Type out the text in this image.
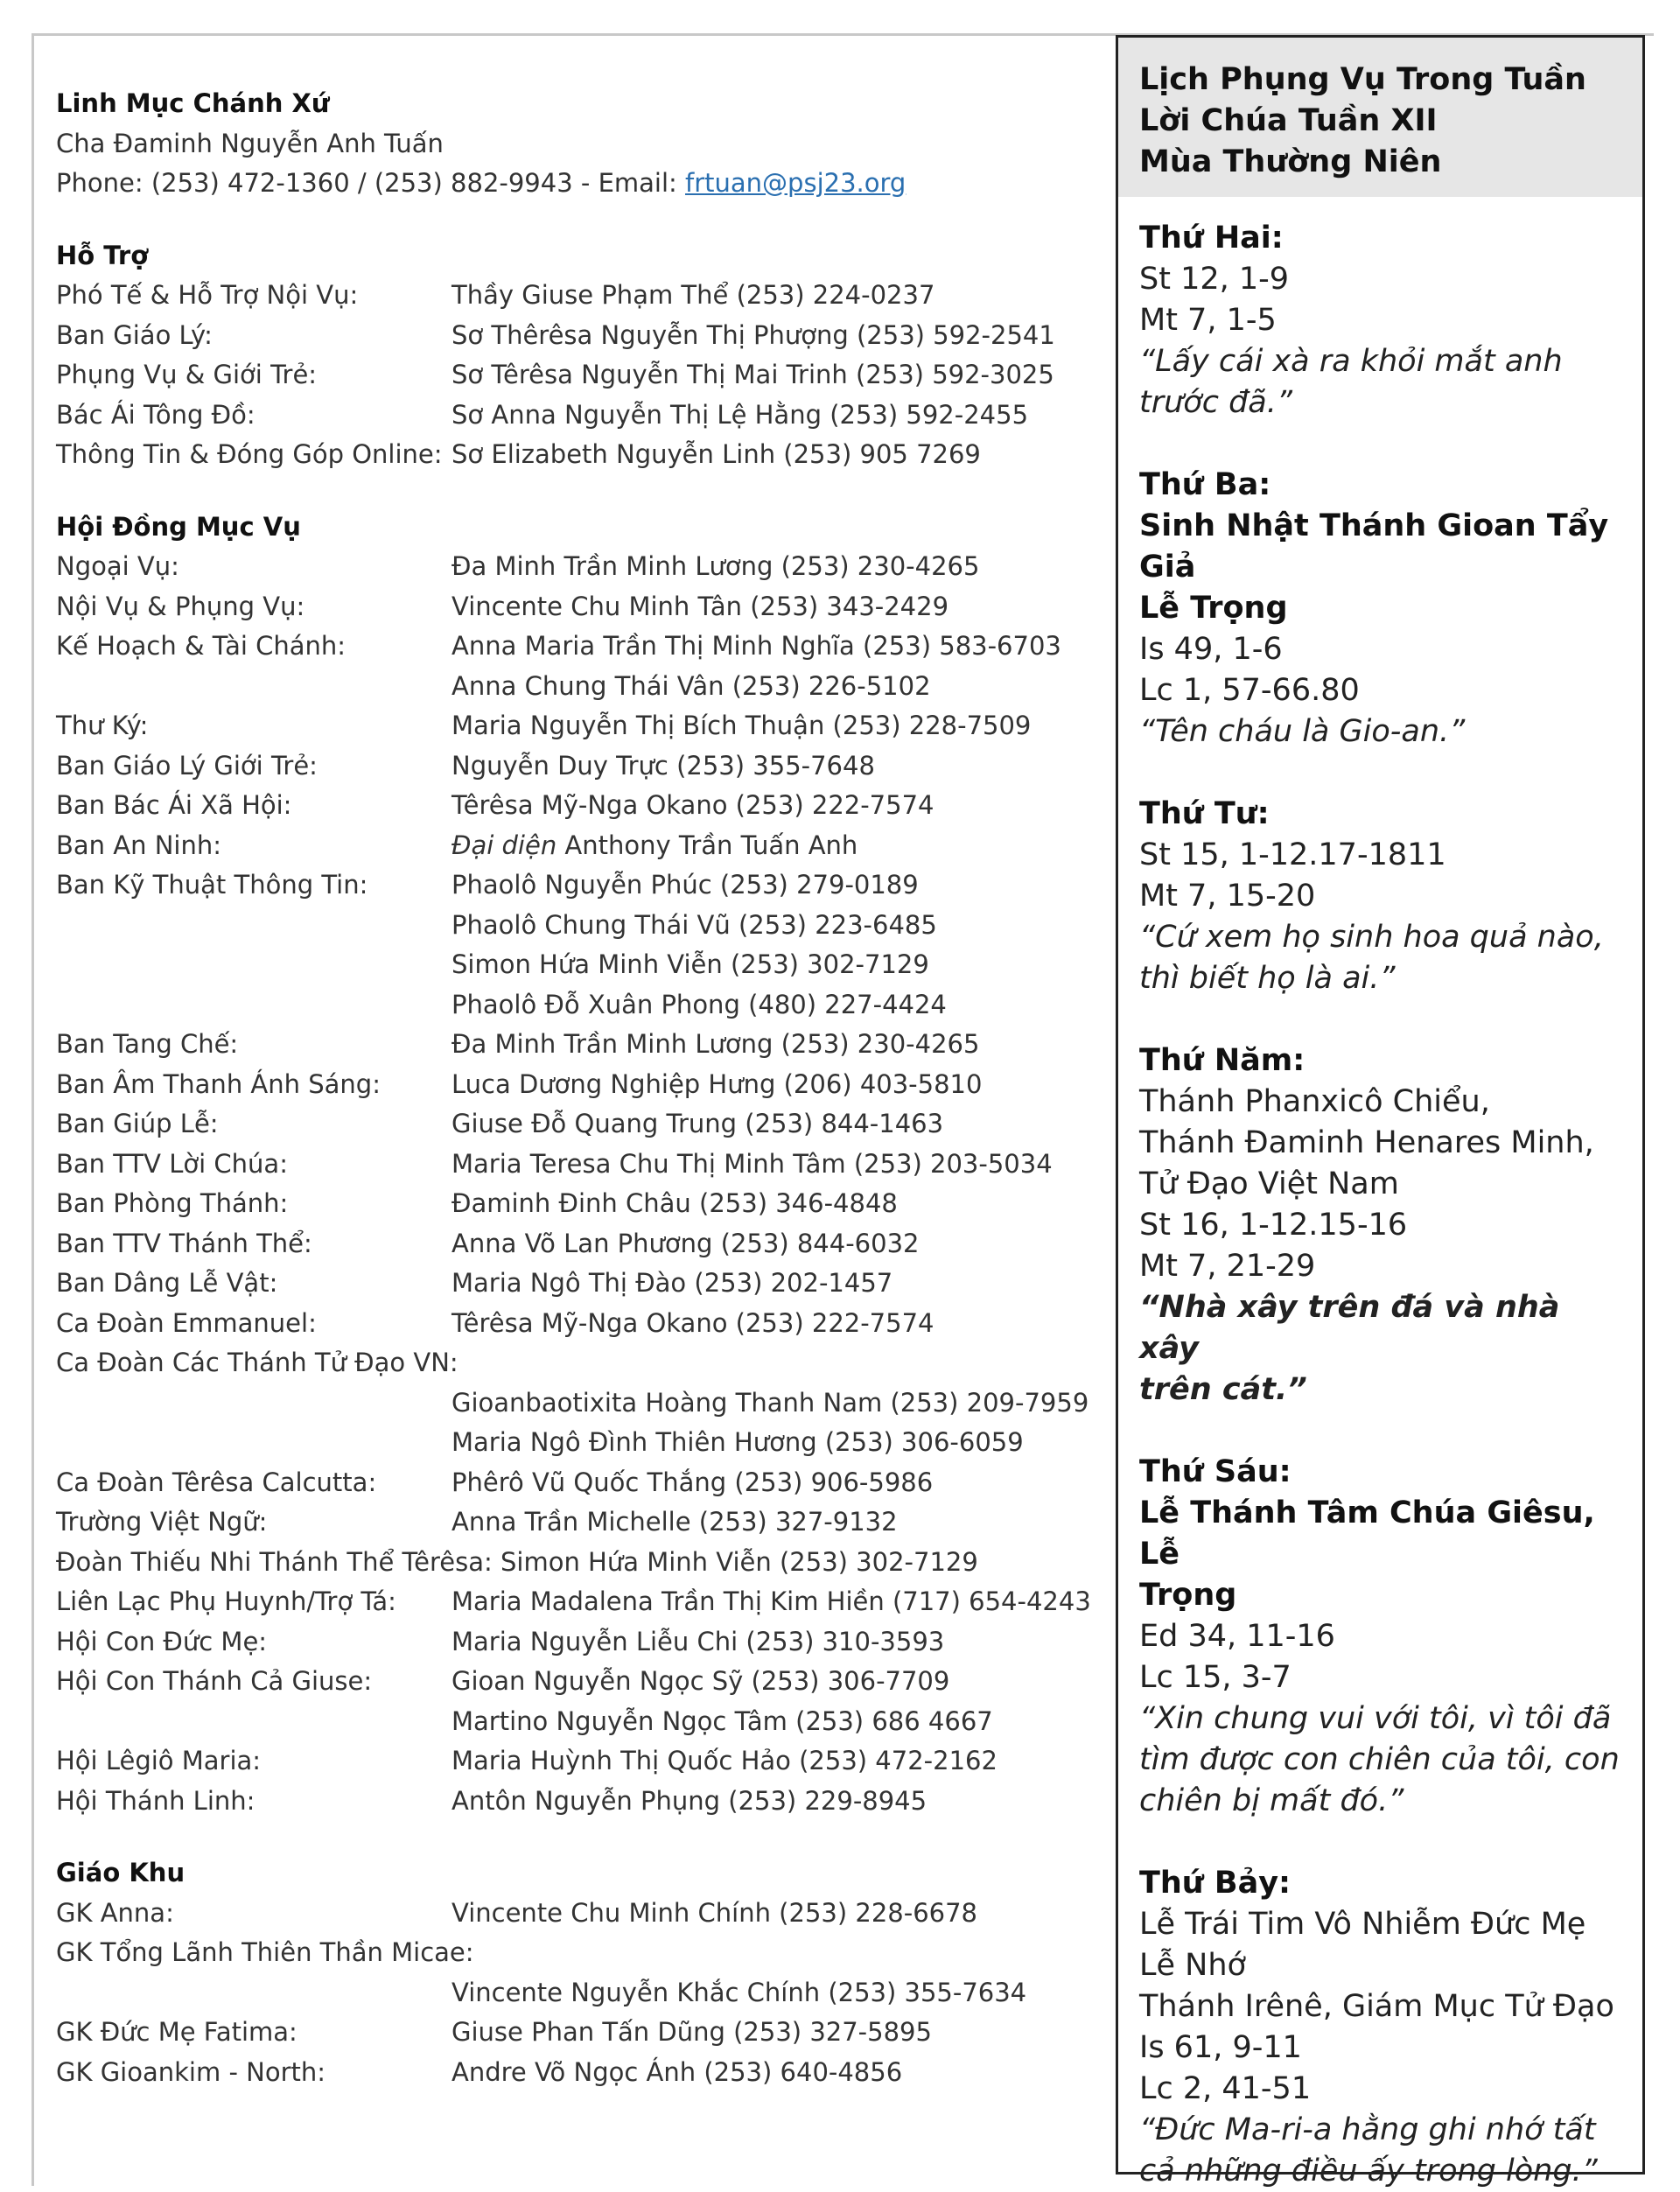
Linh Mục Chánh Xứ
Cha Đaminh Nguyễn Anh Tuấn
Phone: (253) 472-1360 / (253) 882-9943 - Email: frtuan@psj23.org
Hỗ Trợ
Phó Tế & Hỗ Trợ Nội Vụ:	Thầy Giuse Phạm Thể (253) 224-0237
Ban Giáo Lý:	Sơ Thêrêsa Nguyễn Thị Phượng (253) 592-2541
Phụng Vụ & Giới Trẻ:	Sơ Têrêsa Nguyễn Thị Mai Trinh (253) 592-3025
Bác Ái Tông Đồ:	Sơ Anna Nguyễn Thị Lệ Hằng (253) 592-2455
Thông Tin & Đóng Góp Online: Sơ Elizabeth Nguyễn Linh (253) 905 7269
Hội Đồng Mục Vụ
Ngoại Vụ:	Đa Minh Trần Minh Lương (253) 230-4265
Nội Vụ & Phụng Vụ:	Vincente Chu Minh Tân (253) 343-2429
Kế Hoạch & Tài Chánh:	Anna Maria Trần Thị Minh Nghĩa (253) 583-6703
Anna Chung Thái Vân (253) 226-5102
Thư Ký:	Maria Nguyễn Thị Bích Thuận (253) 228-7509
Ban Giáo Lý Giới Trẻ:	Nguyễn Duy Trực (253) 355-7648
Ban Bác Ái Xã Hội:	Têrêsa Mỹ-Nga Okano (253) 222-7574
Ban An Ninh:	Đại diện Anthony Trần Tuấn Anh
Ban Kỹ Thuật Thông Tin:	Phaolô Nguyễn Phúc (253) 279-0189
Phaolô Chung Thái Vũ (253) 223-6485
Simon Hứa Minh Viễn (253) 302-7129
Phaolô Đỗ Xuân Phong (480) 227-4424
Ban Tang Chế:	Đa Minh Trần Minh Lương (253) 230-4265
Ban Âm Thanh Ánh Sáng:	Luca Dương Nghiệp Hưng (206) 403-5810
Ban Giúp Lễ:	Giuse Đỗ Quang Trung (253) 844-1463
Ban TTV Lời Chúa:	Maria Teresa Chu Thị Minh Tâm (253) 203-5034
Ban Phòng Thánh:	Đaminh Đinh Châu (253) 346-4848
Ban TTV Thánh Thể:	Anna Võ Lan Phương (253) 844-6032
Ban Dâng Lễ Vật:	Maria Ngô Thị Đào (253) 202-1457
Ca Đoàn Emmanuel:	Têrêsa Mỹ-Nga Okano (253) 222-7574
Ca Đoàn Các Thánh Tử Đạo VN:
Gioanbaotixita Hoàng Thanh Nam (253) 209-7959
Maria Ngô Đình Thiên Hương (253) 306-6059
Ca Đoàn Têrêsa Calcutta:	Phêrô Vũ Quốc Thắng (253) 906-5986
Trường Việt Ngữ:	Anna Trần Michelle (253) 327-9132
Đoàn Thiếu Nhi Thánh Thể Têrêsa: Simon Hứa Minh Viễn (253) 302-7129
Liên Lạc Phụ Huynh/Trợ Tá:	Maria Madalena Trần Thị Kim Hiền (717) 654-4243
Hội Con Đức Mẹ:	Maria Nguyễn Liễu Chi (253) 310-3593
Hội Con Thánh Cả Giuse:	Gioan Nguyễn Ngọc Sỹ (253) 306-7709
Martino Nguyễn Ngọc Tâm (253) 686 4667
Hội Lêgiô Maria:	Maria Huỳnh Thị Quốc Hảo (253) 472-2162
Hội Thánh Linh:	Antôn Nguyễn Phụng (253) 229-8945
Giáo Khu
GK Anna:	Vincente Chu Minh Chính (253) 228-6678
GK Tổng Lãnh Thiên Thần Micae:
Vincente Nguyễn Khắc Chính (253) 355-7634
GK Đức Mẹ Fatima:	Giuse Phan Tấn Dũng (253) 327-5895
GK Gioankim - North:	Andre Võ Ngọc Ánh (253) 640-4856
Lịch Phụng Vụ Trong Tuần
Lời Chúa Tuần XII
Mùa Thường Niên
Thứ Hai:
St 12, 1-9
Mt 7, 1-5
“Lấy cái xà ra khỏi mắt anh
trước đã.”
Thứ Ba:
Sinh Nhật Thánh Gioan Tẩy
Giả
Lễ Trọng
Is 49, 1-6
Lc 1, 57-66.80
“Tên cháu là Gio-an.”
Thứ Tư:
St 15, 1-12.17-1811
Mt 7, 15-20
“Cứ xem họ sinh hoa quả nào,
thì biết họ là ai.”
Thứ Năm:
Thánh Phanxicô Chiểu,
Thánh Đaminh Henares Minh,
Tử Đạo Việt Nam
St 16, 1-12.15-16
Mt 7, 21-29
“Nhà xây trên đá và nhà xây
trên cát.”
Thứ Sáu:
Lễ Thánh Tâm Chúa Giêsu, Lễ
Trọng
Ed 34, 11-16
Lc 15, 3-7
“Xin chung vui với tôi, vì tôi đã
tìm được con chiên của tôi, con
chiên bị mất đó.”
Thứ Bảy:
Lễ Trái Tim Vô Nhiễm Đức Mẹ
Lễ Nhớ
Thánh Irênê, Giám Mục Tử Đạo
Is 61, 9-11
Lc 2, 41-51
“Đức Ma-ri-a hằng ghi nhớ tất
cả những điều ấy trong lòng.”
